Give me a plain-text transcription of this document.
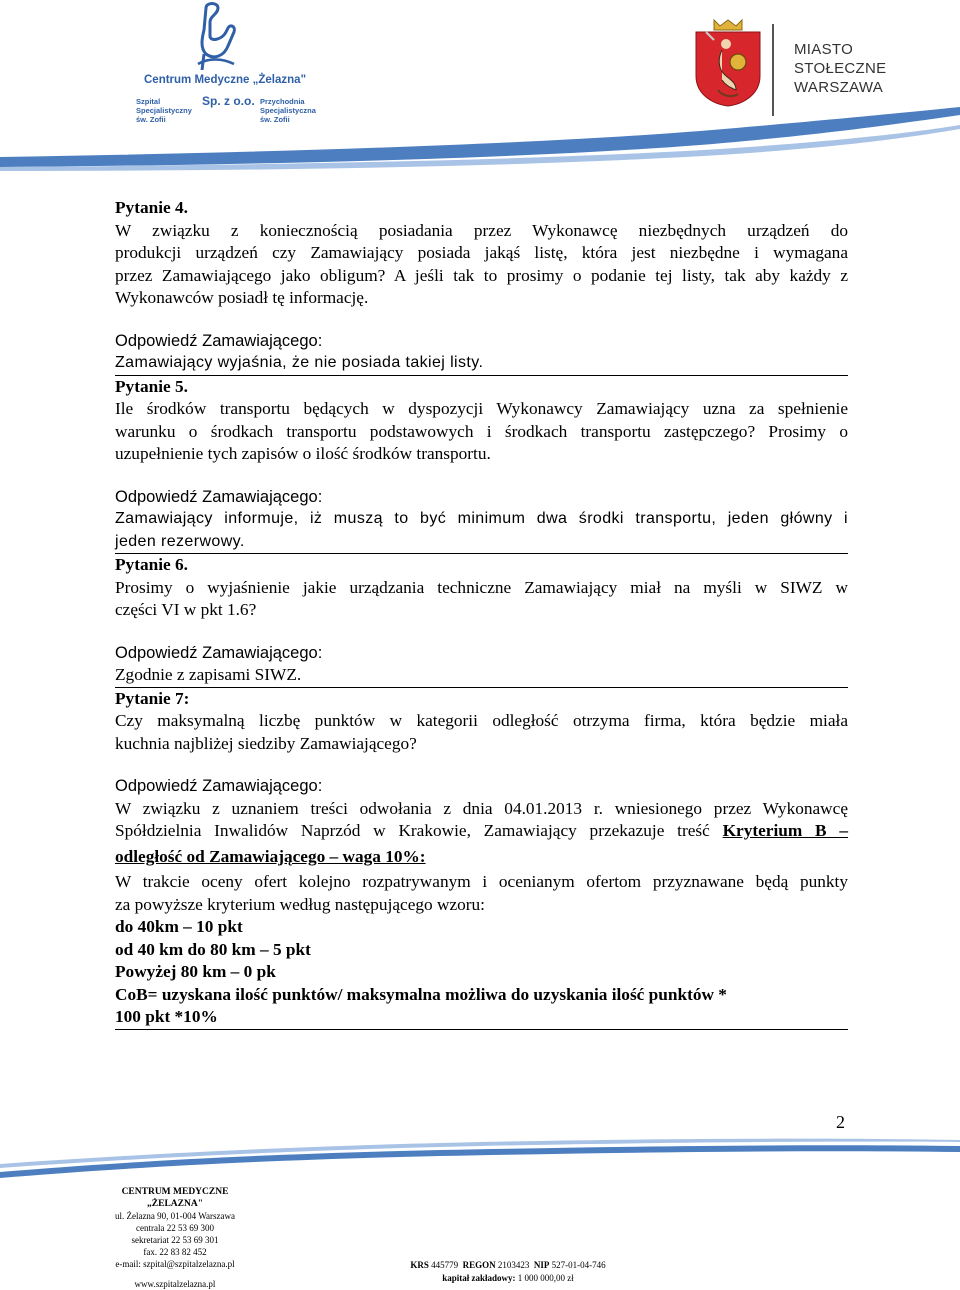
Centrum Medyczne „Żelazna"
Sp. z o.o.
Szpital
Specjalistyczny
św. Zofii
Przychodnia
Specjalistyczna
św. Zofii
MIASTO
STOŁECZNE
WARSZAWA

Pytanie 4.

W związku z koniecznością posiadania przez Wykonawcę niezbędnych urządzeń do

produkcji urządzeń czy Zamawiający posiada jakąś listę, która jest niezbędne i wymagana

przez Zamawiającego jako obligum? A jeśli tak to prosimy o podanie tej listy, tak aby każdy z

Wykonawców posiadł tę informację.

Odpowiedź Zamawiającego:

Zamawiający wyjaśnia, że nie posiada takiej listy.

Pytanie 5.

Ile środków transportu będących w dyspozycji Wykonawcy Zamawiający uzna za spełnienie

warunku o środkach transportu podstawowych i środkach transportu zastępczego? Prosimy o

uzupełnienie tych zapisów o ilość środków transportu.

Odpowiedź Zamawiającego:

Zamawiający informuje, iż muszą to być minimum dwa środki transportu, jeden główny i

jeden rezerwowy.

Pytanie 6.

Prosimy o wyjaśnienie jakie urządzania techniczne Zamawiający miał na myśli w SIWZ w

części VI w pkt 1.6?

Odpowiedź Zamawiającego:

Zgodnie z zapisami SIWZ.

Pytanie 7:

Czy maksymalną liczbę punktów w kategorii odległość otrzyma firma, która będzie miała

kuchnia najbliżej siedziby Zamawiającego?

Odpowiedź Zamawiającego:

W związku z uznaniem treści odwołania z dnia 04.01.2013 r. wniesionego przez Wykonawcę

Spółdzielnia Inwalidów Naprzód w Krakowie, Zamawiający przekazuje treść Kryterium B –

odległość od Zamawiającego – waga 10%:

W trakcie oceny ofert kolejno rozpatrywanym i ocenianym ofertom przyznawane będą punkty

za powyższe kryterium według następującego wzoru:

do 40km – 10 pkt

od 40 km do 80 km – 5 pkt

Powyżej 80 km – 0 pk

CoB= uzyskana ilość punktów/ maksymalna możliwa do uzyskania ilość punktów *

100 pkt *10%

2
CENTRUM MEDYCZNE „ŻELAZNA"
ul. Żelazna 90, 01-004 Warszawa
centrala 22 53 69 300
sekretariat 22 53 69 301
fax. 22 83 82 452
e-mail: szpital@szpitalzelazna.pl
www.szpitalzelazna.pl
KRS 445779 REGON 2103423 NIP 527-01-04-746
kapitał zakładowy: 1 000 000,00 zł
